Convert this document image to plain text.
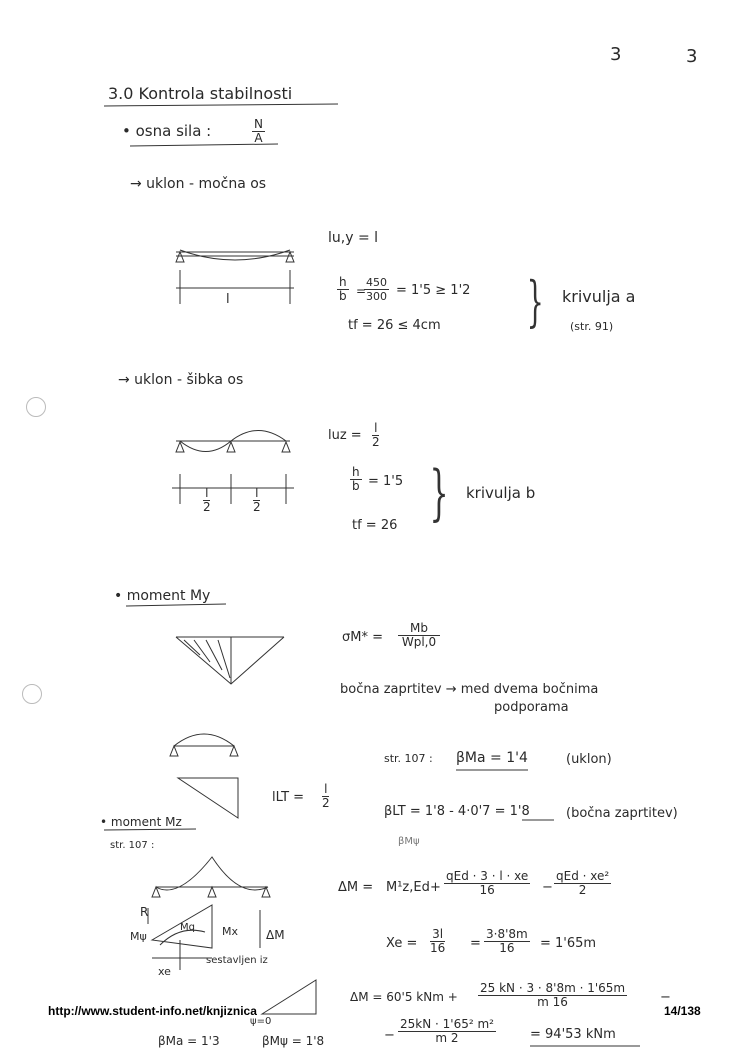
3	3
3.0 Kontrola stabilnosti
• osna sila :	$\frac{N}{A}$
→ uklon - močna os
lu,y = l
l	$\frac{h}{b}$ =
$\frac{450}{300} = 1'5 \ge 1'2$
tf = 26 ≤ 4cm } krivulja a
(str. 91)
→ uklon - šibka os
luz = $\frac{l}{2}$
$\frac{l}{2}$	$\frac{l}{2}$
$\frac{h}{b} = 1'5$
tf = 26 } krivulja b
• moment My
σM* =
Mb
Wpl,0
bočna zaprtitev → med dvema bočnima
podporama
str. 107 : βMa = 1'4	(uklon)
lLT = $\frac{l}{2}$
βLT = 1'8 - 4·0'7 = 1'8	(bočna zaprtitev)
• moment Mz
str. 107 :	βMψ
R
Mψ
Mq Mx ΔM
xe
sestavljen iz
ψ=0
ΔM = M¹z,Ed +
qEd · 3 · l · xe
16	−
qEd · xe²
2
$Xe = \frac{3l}{16} = \frac{3\cdot 8'8m}{16} = 1'65m$
ΔM = 60'5 kNm + $\frac{25 kN \cdot 3 \cdot 8'8m \cdot 1'65m}{m 16}$	−
− $\frac{\text{25kN · 1'65² m²}}{m 2}$	= 94'53 kNm
βMa = 1'3	βMψ = 1'8
http://www.student-info.net/knjiznica	14/138
